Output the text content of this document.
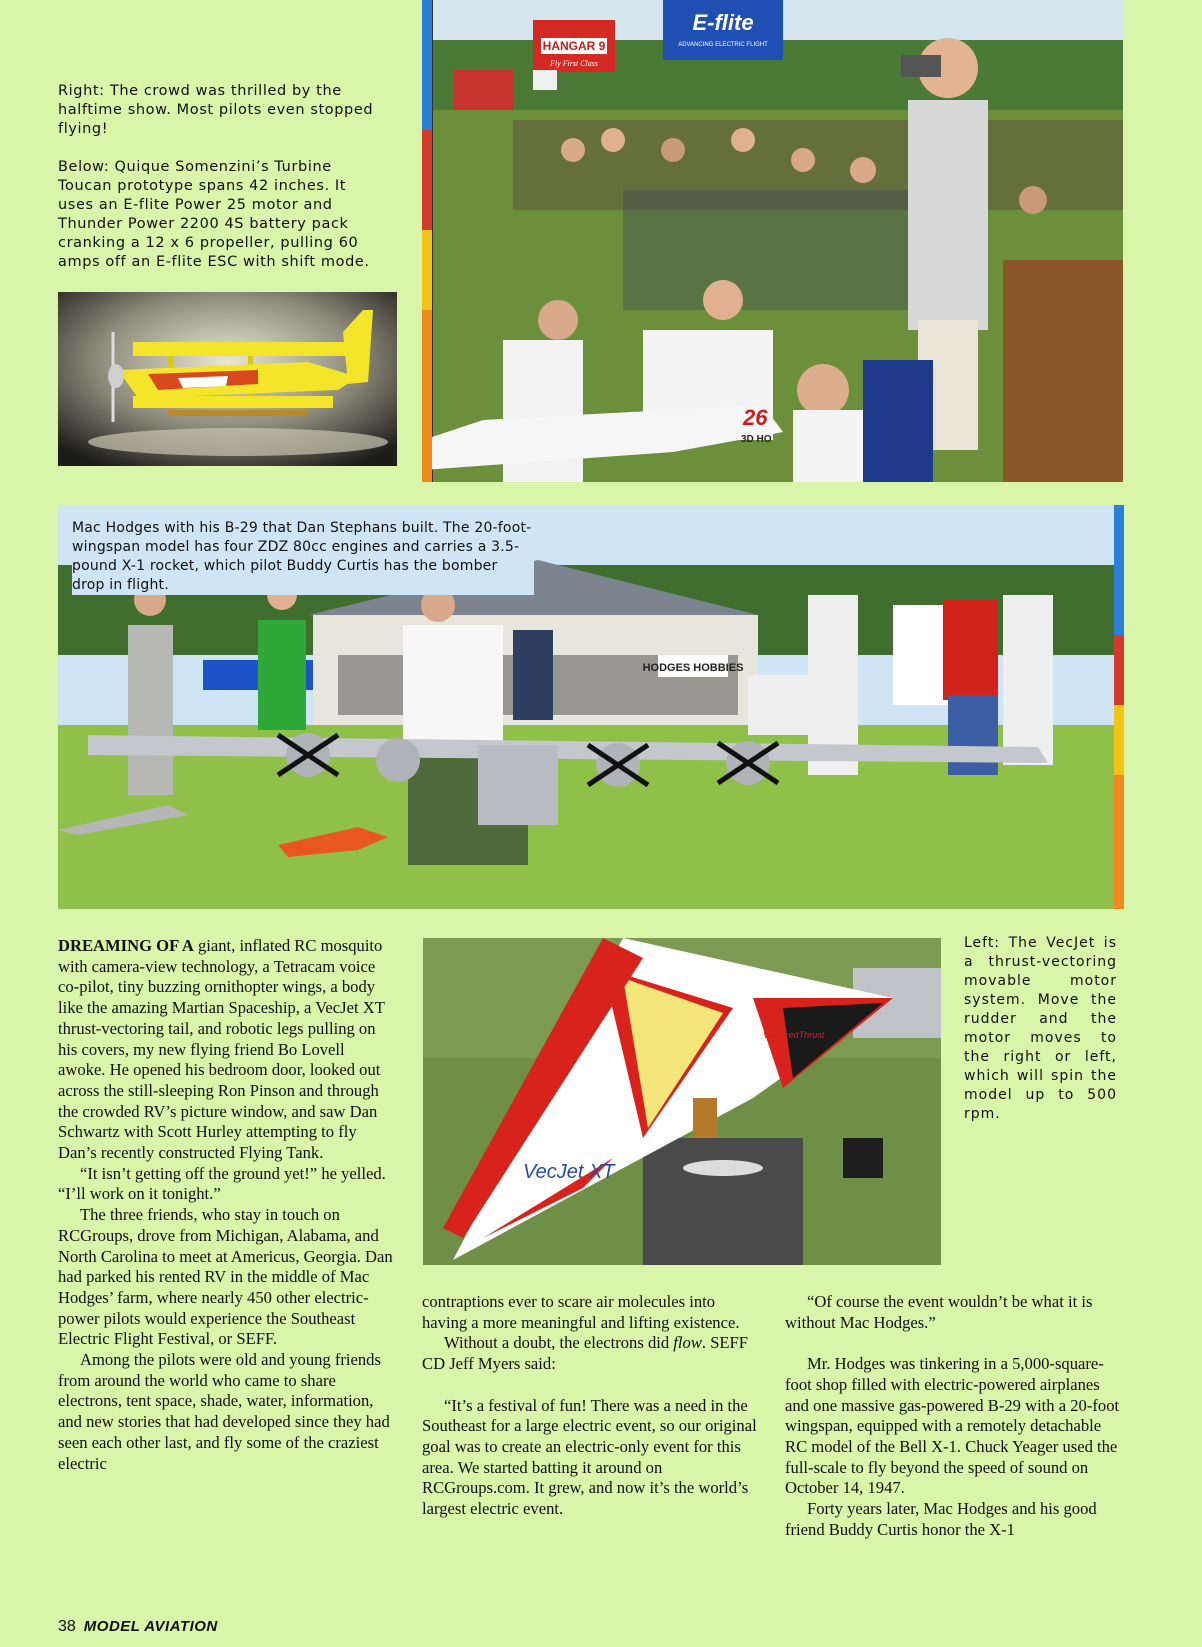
Right: The crowd was thrilled by the halftime show. Most pilots even stopped flying!

Below: Quique Somenzini’s Turbine Toucan prototype spans 42 inches. It uses an E-flite Power 25 motor and Thunder Power 2200 4S battery pack cranking a 12 x 6 propeller, pulling 60 amps off an E-flite ESC with shift mode.

HANGAR 9
Fly First Class
E-flite
ADVANCING ELECTRIC FLIGHT
26
3D HO
HODGES HOBBIES
Mac Hodges with his B-29 that Dan Stephans built. The 20-foot-wingspan model has four ZDZ 80cc engines and carries a 3.5-pound X-1 rocket, which pilot Buddy Curtis has the bomber drop in flight.
VecJet XT
VectoredThrust
Left: The VecJet is a thrust-vectoring movable motor system. Move the rudder and the motor moves to the right or left, which will spin the model up to 500 rpm.

DREAMING OF A giant, inflated RC mosquito with camera-view technology, a Tetracam voice co-pilot, tiny buzzing ornithopter wings, a body like the amazing Martian Spaceship, a VecJet XT thrust-vectoring tail, and robotic legs pulling on his covers, my new flying friend Bo Lovell awoke. He opened his bedroom door, looked out across the still-sleeping Ron Pinson and through the crowded RV’s picture window, and saw Dan Schwartz with Scott Hurley attempting to fly Dan’s recently constructed Flying Tank.

“It isn’t getting off the ground yet!” he yelled. “I’ll work on it tonight.”

The three friends, who stay in touch on RCGroups, drove from Michigan, Alabama, and North Carolina to meet at Americus, Georgia. Dan had parked his rented RV in the middle of Mac Hodges’ farm, where nearly 450 other electric-power pilots would experience the Southeast Electric Flight Festival, or SEFF.

Among the pilots were old and young friends from around the world who came to share electrons, tent space, shade, water, information, and new stories that had developed since they had seen each other last, and fly some of the craziest electric

contraptions ever to scare air molecules into having a more meaningful and lifting existence.

Without a doubt, the electrons did flow. SEFF CD Jeff Myers said:

“It’s a festival of fun! There was a need in the Southeast for a large electric event, so our original goal was to create an electric-only event for this area. We started batting it around on RCGroups.com. It grew, and now it’s the world’s largest electric event.

“Of course the event wouldn’t be what it is without Mac Hodges.”

Mr. Hodges was tinkering in a 5,000-square-foot shop filled with electric-powered airplanes and one massive gas-powered B-29 with a 20-foot wingspan, equipped with a remotely detachable RC model of the Bell X-1. Chuck Yeager used the full-scale to fly beyond the speed of sound on October 14, 1947.

Forty years later, Mac Hodges and his good friend Buddy Curtis honor the X-1

38 MODEL AVIATION
